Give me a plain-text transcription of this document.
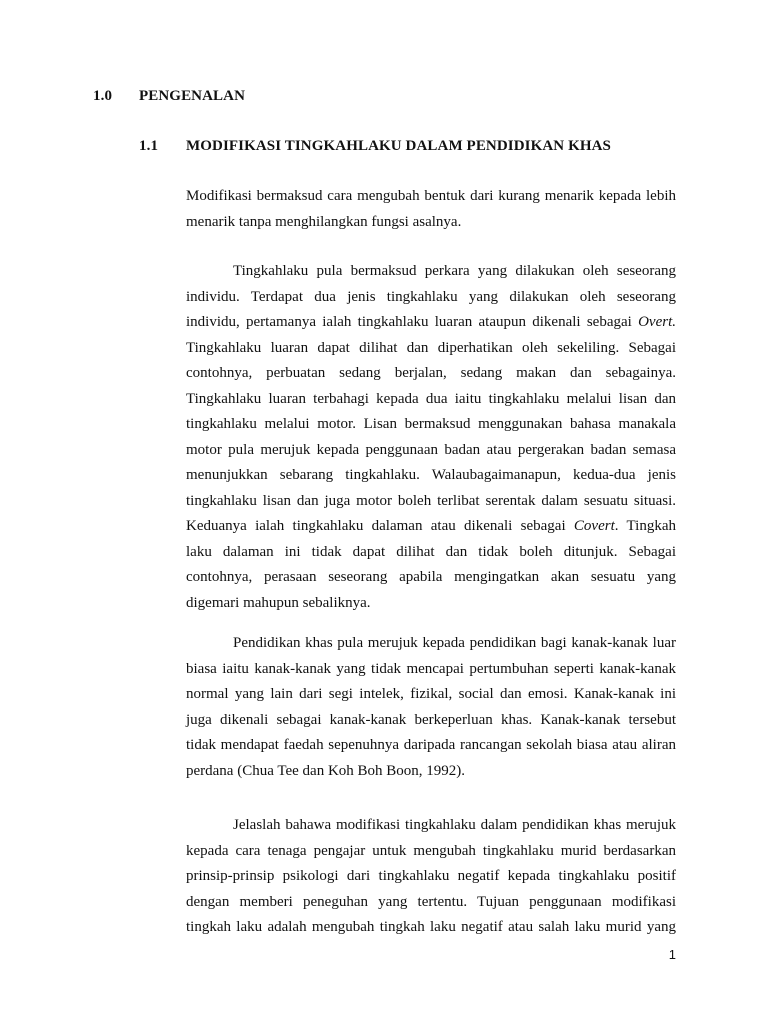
1.0 PENGENALAN
1.1 MODIFIKASI TINGKAHLAKU DALAM PENDIDIKAN KHAS
Modifikasi bermaksud cara mengubah bentuk dari kurang menarik kepada lebih
menarik tanpa menghilangkan fungsi asalnya.
Tingkahlaku pula bermaksud perkara yang dilakukan oleh seseorang
individu. Terdapat dua jenis tingkahlaku yang dilakukan oleh seseorang
individu, pertamanya ialah tingkahlaku luaran ataupun dikenali sebagai Overt.
Tingkahlaku luaran dapat dilihat dan diperhatikan oleh sekeliling. Sebagai
contohnya, perbuatan sedang berjalan, sedang makan dan sebagainya.
Tingkahlaku luaran terbahagi kepada dua iaitu tingkahlaku melalui lisan dan
tingkahlaku melalui motor. Lisan bermaksud menggunakan bahasa manakala
motor pula merujuk kepada penggunaan badan atau pergerakan badan semasa
menunjukkan sebarang tingkahlaku. Walaubagaimanapun, kedua-dua jenis
tingkahlaku lisan dan juga motor boleh terlibat serentak dalam sesuatu situasi.
Keduanya ialah tingkahlaku dalaman atau dikenali sebagai Covert. Tingkah
laku dalaman ini tidak dapat dilihat dan tidak boleh ditunjuk. Sebagai
contohnya, perasaan seseorang apabila mengingatkan akan sesuatu yang
digemari mahupun sebaliknya.
Pendidikan khas pula merujuk kepada pendidikan bagi kanak-kanak luar
biasa iaitu kanak-kanak yang tidak mencapai pertumbuhan seperti kanak-kanak
normal yang lain dari segi intelek, fizikal, social dan emosi. Kanak-kanak ini
juga dikenali sebagai kanak-kanak berkeperluan khas. Kanak-kanak tersebut
tidak mendapat faedah sepenuhnya daripada rancangan sekolah biasa atau aliran
perdana (Chua Tee dan Koh Boh Boon, 1992).
Jelaslah bahawa modifikasi tingkahlaku dalam pendidikan khas merujuk
kepada cara tenaga pengajar untuk mengubah tingkahlaku murid berdasarkan
prinsip-prinsip psikologi dari tingkahlaku negatif kepada tingkahlaku positif
dengan memberi peneguhan yang tertentu. Tujuan penggunaan modifikasi
tingkah laku adalah mengubah tingkah laku negatif atau salah laku murid yang
1
